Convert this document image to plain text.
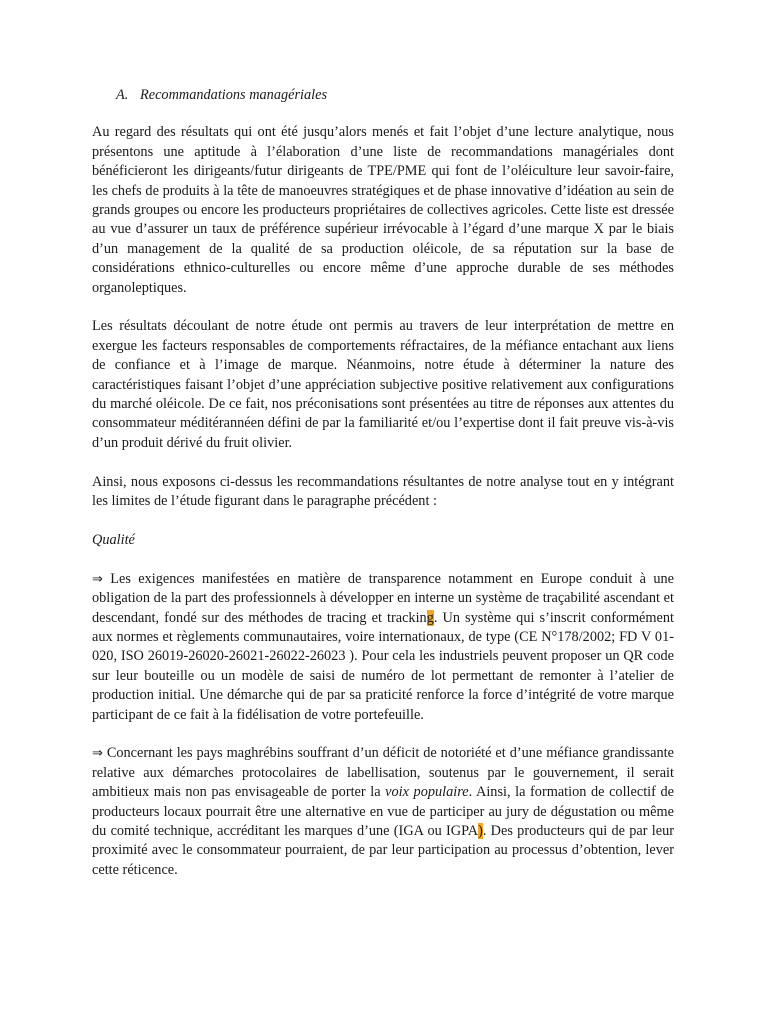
A. Recommandations managériales

Au regard des résultats qui ont été jusqu’alors menés et fait l’objet d’une lecture analytique, nous présentons une aptitude à l’élaboration d’une liste de recommandations managériales dont bénéficieront les dirigeants/futur dirigeants de TPE/PME qui font de l’oléiculture leur savoir-faire, les chefs de produits à la tête de manoeuvres stratégiques et de phase innovative d’idéation au sein de grands groupes ou encore les producteurs propriétaires de collectives agricoles. Cette liste est dressée au vue d’assurer un taux de préférence supérieur irrévocable à l’égard d’une marque X par le biais d’un management de la qualité de sa production oléicole, de sa réputation sur la base de considérations ethnico-culturelles ou encore même d’une approche durable de ses méthodes organoleptiques.

Les résultats découlant de notre étude ont permis au travers de leur interprétation de mettre en exergue les facteurs responsables de comportements réfractaires, de la méfiance entachant aux liens de confiance et à l’image de marque. Néanmoins, notre étude à déterminer la nature des caractéristiques faisant l’objet d’une appréciation subjective positive relativement aux configurations du marché oléicole. De ce fait, nos préconisations sont présentées au titre de réponses aux attentes du consommateur méditérannéen défini de par la familiarité et/ou l’expertise dont il fait preuve vis-à-vis d’un produit dérivé du fruit olivier.

Ainsi, nous exposons ci-dessus les recommandations résultantes de notre analyse tout en y intégrant les limites de l’étude figurant dans le paragraphe précédent :

Qualité

⇒ Les exigences manifestées en matière de transparence notamment en Europe conduit à une obligation de la part des professionnels à développer en interne un système de traçabilité ascendant et descendant, fondé sur des méthodes de tracing et tracking. Un système qui s’inscrit conformément aux normes et règlements communautaires, voire internationaux, de type (CE N°178/2002; FD V 01-020, ISO 26019-26020-26021-26022-26023 ). Pour cela les industriels peuvent proposer un QR code sur leur bouteille ou un modèle de saisi de numéro de lot permettant de remonter à l’atelier de production initial. Une démarche qui de par sa praticité renforce la force d’intégrité de votre marque participant de ce fait à la fidélisation de votre portefeuille.

⇒ Concernant les pays maghrébins souffrant d’un déficit de notoriété et d’une méfiance grandissante relative aux démarches protocolaires de labellisation, soutenus par le gouvernement, il serait ambitieux mais non pas envisageable de porter la voix populaire. Ainsi, la formation de collectif de producteurs locaux pourrait être une alternative en vue de participer au jury de dégustation ou même du comité technique, accréditant les marques d’une (IGA ou IGPA). Des producteurs qui de par leur proximité avec le consommateur pourraient, de par leur participation au processus d’obtention, lever cette réticence.
